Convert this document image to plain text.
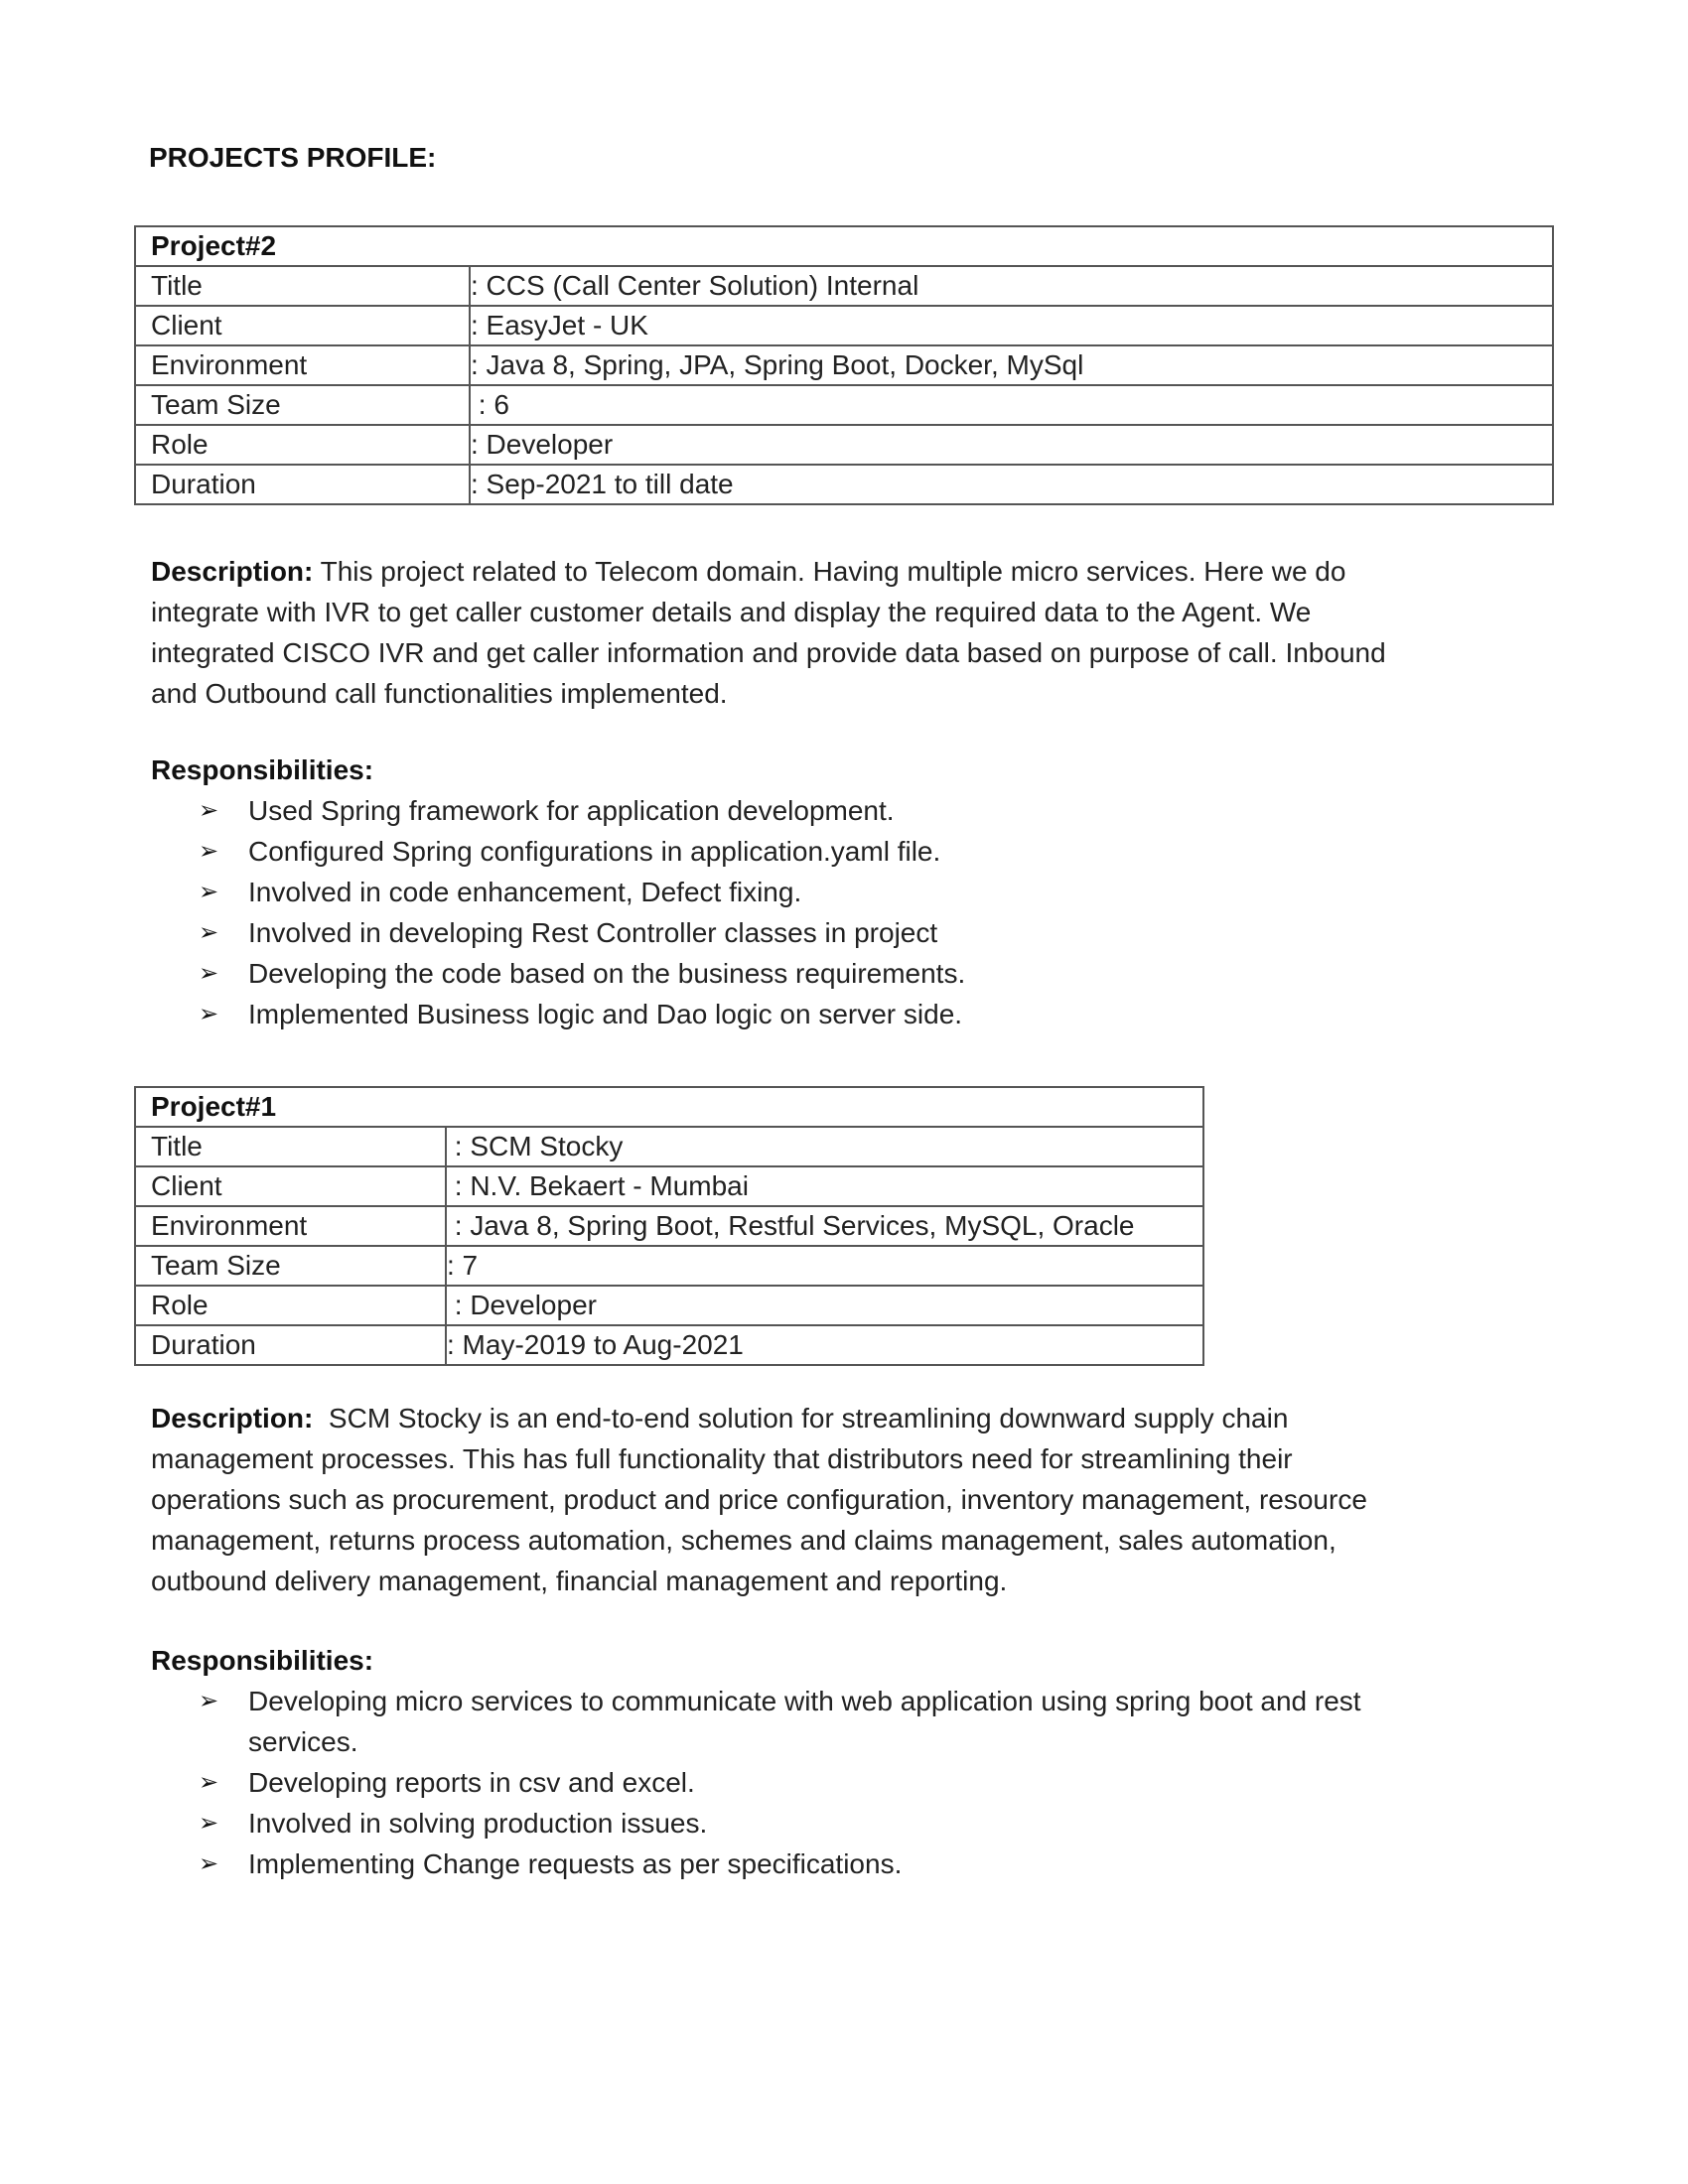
PROJECTS PROFILE:
Project#2	
Title	: CCS (Call Center Solution) Internal
Client	: EasyJet - UK
Environment	: Java 8, Spring, JPA, Spring Boot, Docker, MySql
Team Size	: 6
Role	: Developer
Duration	: Sep-2021 to till date
Description: This project related to Telecom domain. Having multiple micro services. Here we do
integrate with IVR to get caller customer details and display the required data to the Agent. We
integrated CISCO IVR and get caller information and provide data based on purpose of call. Inbound
and Outbound call functionalities implemented.
Responsibilities:
➢ Used Spring framework for application development.
➢ Configured Spring configurations in application.yaml file.
➢ Involved in code enhancement, Defect fixing.
➢ Involved in developing Rest Controller classes in project
➢ Developing the code based on the business requirements.
➢ Implemented Business logic and Dao logic on server side.
Project#1	
Title	: SCM Stocky
Client	: N.V. Bekaert - Mumbai
Environment	: Java 8, Spring Boot, Restful Services, MySQL, Oracle
Team Size	: 7
Role	: Developer
Duration	: May-2019 to Aug-2021
Description:  SCM Stocky is an end-to-end solution for streamlining downward supply chain
management processes. This has full functionality that distributors need for streamlining their
operations such as procurement, product and price configuration, inventory management, resource
management, returns process automation, schemes and claims management, sales automation,
outbound delivery management, financial management and reporting.
Responsibilities:
➢ Developing micro services to communicate with web application using spring boot and rest services.
➢ Developing reports in csv and excel.
➢ Involved in solving production issues.
➢ Implementing Change requests as per specifications.
